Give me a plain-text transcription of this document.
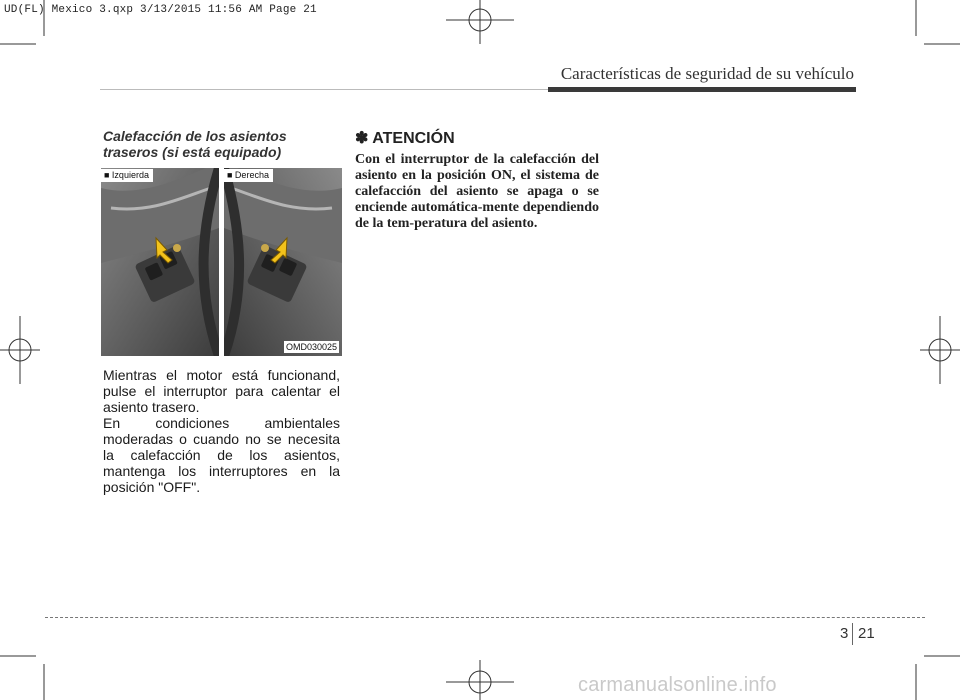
UD(FL) Mexico 3.qxp 3/13/2015 11:56 AM Page 21
Características de seguridad de su vehículo
Calefacción de los asientos traseros (si está equipado)
■ Izquierda	■ Derecha
OMD030025

Mientras el motor está funcionand, pulse el interruptor para calentar el asiento trasero.

En condiciones ambientales moderadas o cuando no se necesita la calefacción de los asientos, mantenga los interruptores en la posición "OFF".

✽ ATENCIÓN

Con el interruptor de la calefacción del asiento en la posición ON, el sistema de calefacción del asiento se apaga o se enciende automática-mente dependiendo de la tem-peratura del asiento.

3 21
carmanualsonline.info
